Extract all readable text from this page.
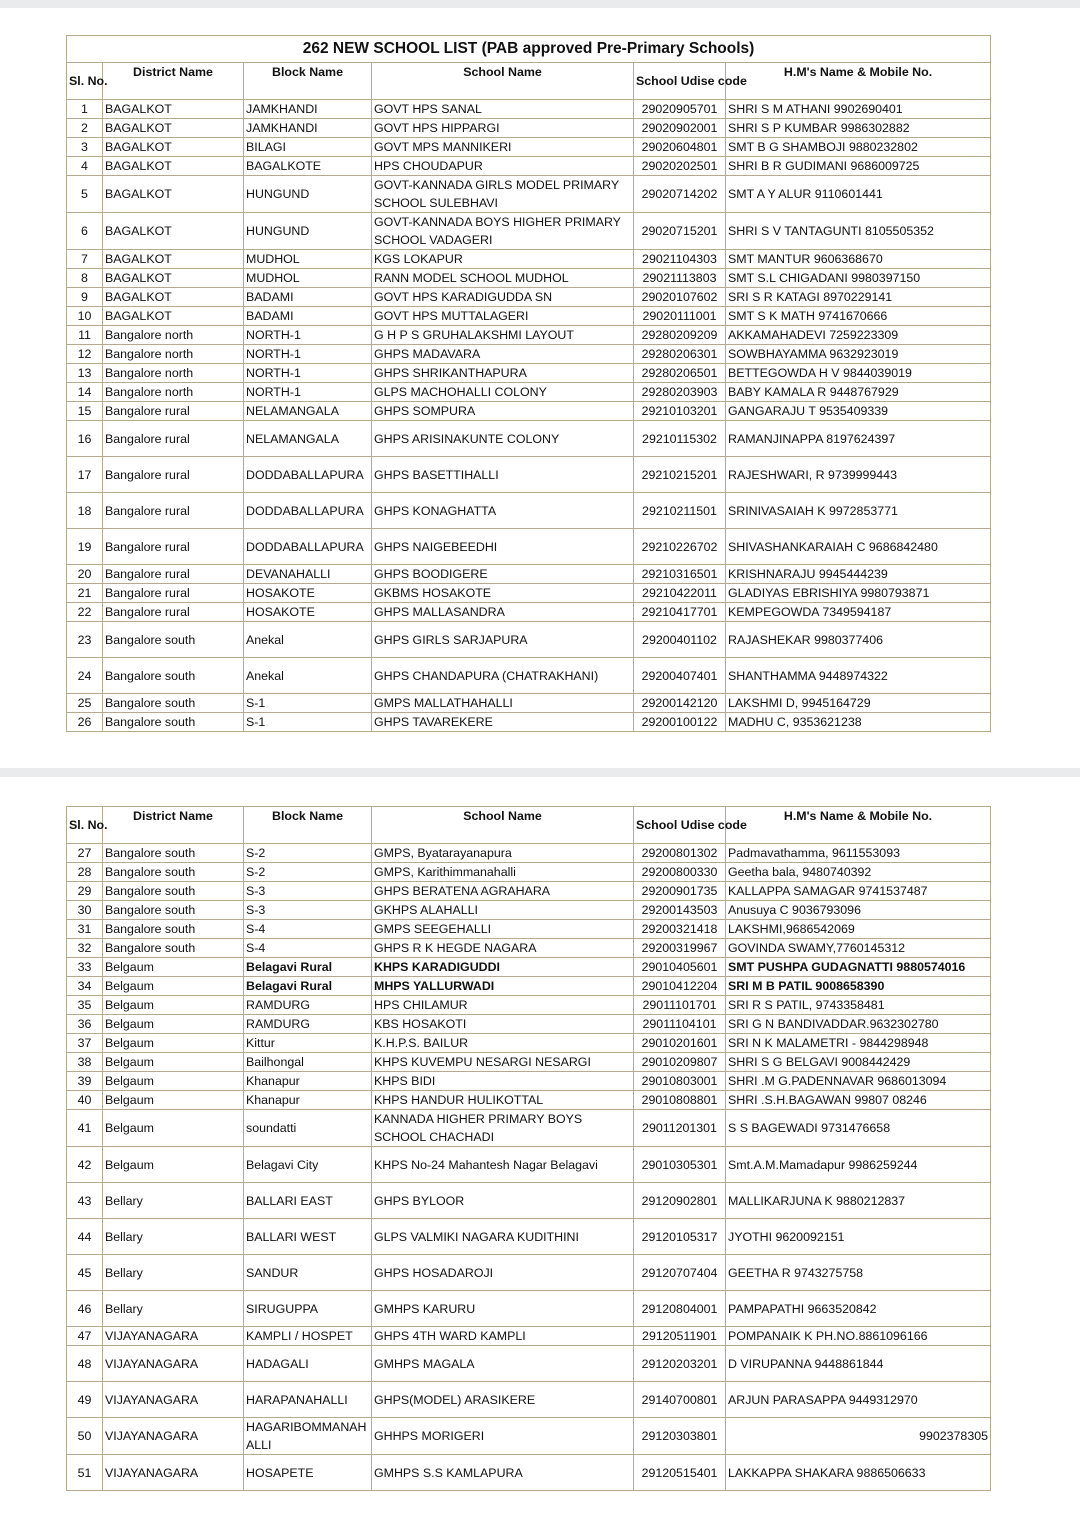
262 NEW SCHOOL LIST (PAB approved Pre-Primary Schools)					
Sl. No.	District Name	Block Name	School Name	School Udise code	H.M's Name & Mobile No.
1	BAGALKOT	JAMKHANDI	GOVT HPS SANAL	29020905701	SHRI S M ATHANI 9902690401
2	BAGALKOT	JAMKHANDI	GOVT HPS HIPPARGI	29020902001	SHRI S P KUMBAR 9986302882
3	BAGALKOT	BILAGI	GOVT MPS MANNIKERI	29020604801	SMT B G SHAMBOJI 9880232802
4	BAGALKOT	BAGALKOTE	HPS CHOUDAPUR	29020202501	SHRI B R GUDIMANI 9686009725
5	BAGALKOT	HUNGUND	GOVT-KANNADA GIRLS MODEL PRIMARY SCHOOL SULEBHAVI	29020714202	SMT A Y ALUR 9110601441
6	BAGALKOT	HUNGUND	GOVT-KANNADA BOYS HIGHER PRIMARY SCHOOL VADAGERI	29020715201	SHRI S V TANTAGUNTI 8105505352
7	BAGALKOT	MUDHOL	KGS LOKAPUR	29021104303	SMT MANTUR 9606368670
8	BAGALKOT	MUDHOL	RANN MODEL SCHOOL MUDHOL	29021113803	SMT S.L CHIGADANI 9980397150
9	BAGALKOT	BADAMI	GOVT HPS KARADIGUDDA SN	29020107602	SRI S R KATAGI 8970229141
10	BAGALKOT	BADAMI	GOVT HPS MUTTALAGERI	29020111001	SMT S K MATH 9741670666
11	Bangalore north	NORTH-1	G H P S GRUHALAKSHMI LAYOUT	29280209209	AKKAMAHADEVI 7259223309
12	Bangalore north	NORTH-1	GHPS MADAVARA	29280206301	SOWBHAYAMMA 9632923019
13	Bangalore north	NORTH-1	GHPS SHRIKANTHAPURA	29280206501	BETTEGOWDA H V 9844039019
14	Bangalore north	NORTH-1	GLPS MACHOHALLI COLONY	29280203903	BABY KAMALA R 9448767929
15	Bangalore rural	NELAMANGALA	GHPS SOMPURA	29210103201	GANGARAJU T 9535409339
16	Bangalore rural	NELAMANGALA	GHPS ARISINAKUNTE COLONY	29210115302	RAMANJINAPPA 8197624397
17	Bangalore rural	DODDABALLAPURA	GHPS BASETTIHALLI	29210215201	RAJESHWARI, R 9739999443
18	Bangalore rural	DODDABALLAPURA	GHPS KONAGHATTA	29210211501	SRINIVASAIAH K 9972853771
19	Bangalore rural	DODDABALLAPURA	GHPS NAIGEBEEDHI	29210226702	SHIVASHANKARAIAH C 9686842480
20	Bangalore rural	DEVANAHALLI	GHPS BOODIGERE	29210316501	KRISHNARAJU 9945444239
21	Bangalore rural	HOSAKOTE	GKBMS HOSAKOTE	29210422011	GLADIYAS EBRISHIYA 9980793871
22	Bangalore rural	HOSAKOTE	GHPS MALLASANDRA	29210417701	KEMPEGOWDA 7349594187
23	Bangalore south	Anekal	GHPS GIRLS SARJAPURA	29200401102	RAJASHEKAR 9980377406
24	Bangalore south	Anekal	GHPS CHANDAPURA (CHATRAKHANI)	29200407401	SHANTHAMMA 9448974322
25	Bangalore south	S-1	GMPS MALLATHAHALLI	29200142120	LAKSHMI D, 9945164729
26	Bangalore south	S-1	GHPS TAVAREKERE	29200100122	MADHU C, 9353621238
Sl. No.	District Name	Block Name	School Name	School Udise code	H.M's Name & Mobile No.
27	Bangalore south	S-2	GMPS, Byatarayanapura	29200801302	Padmavathamma, 9611553093
28	Bangalore south	S-2	GMPS, Karithimmanahalli	29200800330	Geetha bala, 9480740392
29	Bangalore south	S-3	GHPS BERATENA AGRAHARA	29200901735	KALLAPPA SAMAGAR 9741537487
30	Bangalore south	S-3	GKHPS ALAHALLI	29200143503	Anusuya C 9036793096
31	Bangalore south	S-4	GMPS SEEGEHALLI	29200321418	LAKSHMI,9686542069
32	Bangalore south	S-4	GHPS R K HEGDE NAGARA	29200319967	GOVINDA SWAMY,7760145312
33	Belgaum	Belagavi Rural	KHPS KARADIGUDDI	29010405601	SMT PUSHPA GUDAGNATTI 9880574016
34	Belgaum	Belagavi Rural	MHPS YALLURWADI	29010412204	SRI M B PATIL 9008658390
35	Belgaum	RAMDURG	HPS CHILAMUR	29011101701	SRI R S PATIL, 9743358481
36	Belgaum	RAMDURG	KBS HOSAKOTI	29011104101	SRI G N BANDIVADDAR.9632302780
37	Belgaum	Kittur	K.H.P.S. BAILUR	29010201601	SRI N K MALAMETRI - 9844298948
38	Belgaum	Bailhongal	KHPS KUVEMPU NESARGI NESARGI	29010209807	SHRI S G BELGAVI 9008442429
39	Belgaum	Khanapur	KHPS BIDI	29010803001	SHRI .M G.PADENNAVAR 9686013094
40	Belgaum	Khanapur	KHPS HANDUR HULIKOTTAL	29010808801	SHRI .S.H.BAGAWAN 99807 08246
41	Belgaum	soundatti	KANNADA HIGHER PRIMARY BOYS SCHOOL CHACHADI	29011201301	S S BAGEWADI 9731476658
42	Belgaum	Belagavi City	KHPS No-24 Mahantesh Nagar Belagavi	29010305301	Smt.A.M.Mamadapur 9986259244
43	Bellary	BALLARI EAST	GHPS BYLOOR	29120902801	MALLIKARJUNA K 9880212837
44	Bellary	BALLARI WEST	GLPS VALMIKI NAGARA KUDITHINI	29120105317	JYOTHI 9620092151
45	Bellary	SANDUR	GHPS HOSADAROJI	29120707404	GEETHA R 9743275758
46	Bellary	SIRUGUPPA	GMHPS KARURU	29120804001	PAMPAPATHI 9663520842
47	VIJAYANAGARA	KAMPLI / HOSPET	GHPS 4TH WARD KAMPLI	29120511901	POMPANAIK K PH.NO.8861096166
48	VIJAYANAGARA	HADAGALI	GMHPS MAGALA	29120203201	D VIRUPANNA 9448861844
49	VIJAYANAGARA	HARAPANAHALLI	GHPS(MODEL) ARASIKERE	29140700801	ARJUN PARASAPPA 9449312970
50	VIJAYANAGARA	HAGARIBOMMANAHALLI	GHHPS MORIGERI	29120303801	9902378305
51	VIJAYANAGARA	HOSAPETE	GMHPS S.S KAMLAPURA	29120515401	LAKKAPPA SHAKARA 9886506633
